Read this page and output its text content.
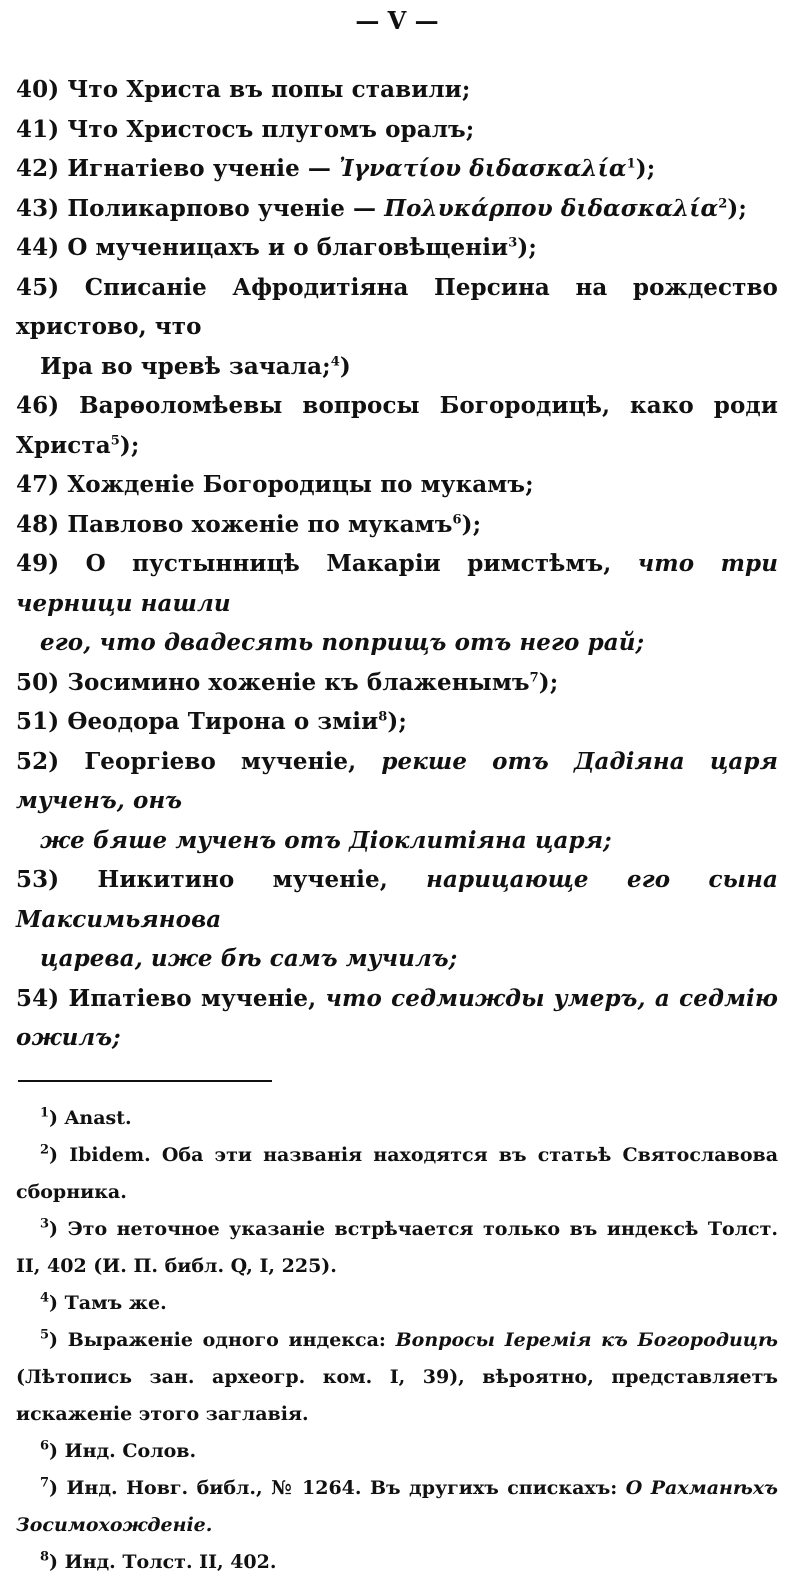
— V —
40) Что Христа въ попы ставили;
41) Что Христосъ плугомъ оралъ;
42) Игнатіево ученіе — Ἰγνατίου διδασκαλία$^1$);
43) Поликарпово ученіе — Πολυκάρπου διδασκαλία$^2$);
44) О мученицахъ и о благовѣщеніи$^3$);
45) Списаніе Афродитіяна Персина на рождество христово, что
Ира во чревѣ зачала;$^4$)
46) Варѳоломѣевы вопросы Богородицѣ, како роди Христа$^5$);
47) Хожденіе Богородицы по мукамъ;
48) Павлово хоженіе по мукамъ$^6$);
49) О пустынницѣ Макаріи римстѣмъ, что три черници нашли
его, что двадесять поприщъ отъ него рай;
50) Зосимино хоженіе къ блаженымъ$^7$);
51) Ѳеодора Тирона о зміи$^8$);
52) Георгіево мученіе, рекше отъ Дадіяна царя мученъ, онъ
же бяше мученъ отъ Діоклитіяна царя;
53) Никитино мученіе, нарицающе его сына Максимьянова
царева, иже бѣ самъ мучилъ;
54) Ипатіево мученіе, что седмижды умеръ, а седмію ожилъ;
$^1$) Anast.
$^2$) Ibidem. Оба эти названія находятся въ статьѣ Святославова сборника.
$^3$) Это неточное указаніе встрѣчается только въ индексѣ Толст. II, 402 (И. П. библ. Q, I, 225).
$^4$) Тамъ же.
$^5$) Выраженіе одного индекса: Вопросы Іеремія къ Богородицѣ (Лѣтопись зан. археогр. ком. I, 39), вѣроятно, представляетъ искаженіе этого заглавія.
$^6$) Инд. Солов.
$^7$) Инд. Новг. библ., № 1264. Въ другихъ спискахъ: О Рахманѣхъ Зосимохожденіе.
$^8$) Инд. Толст. II, 402.
